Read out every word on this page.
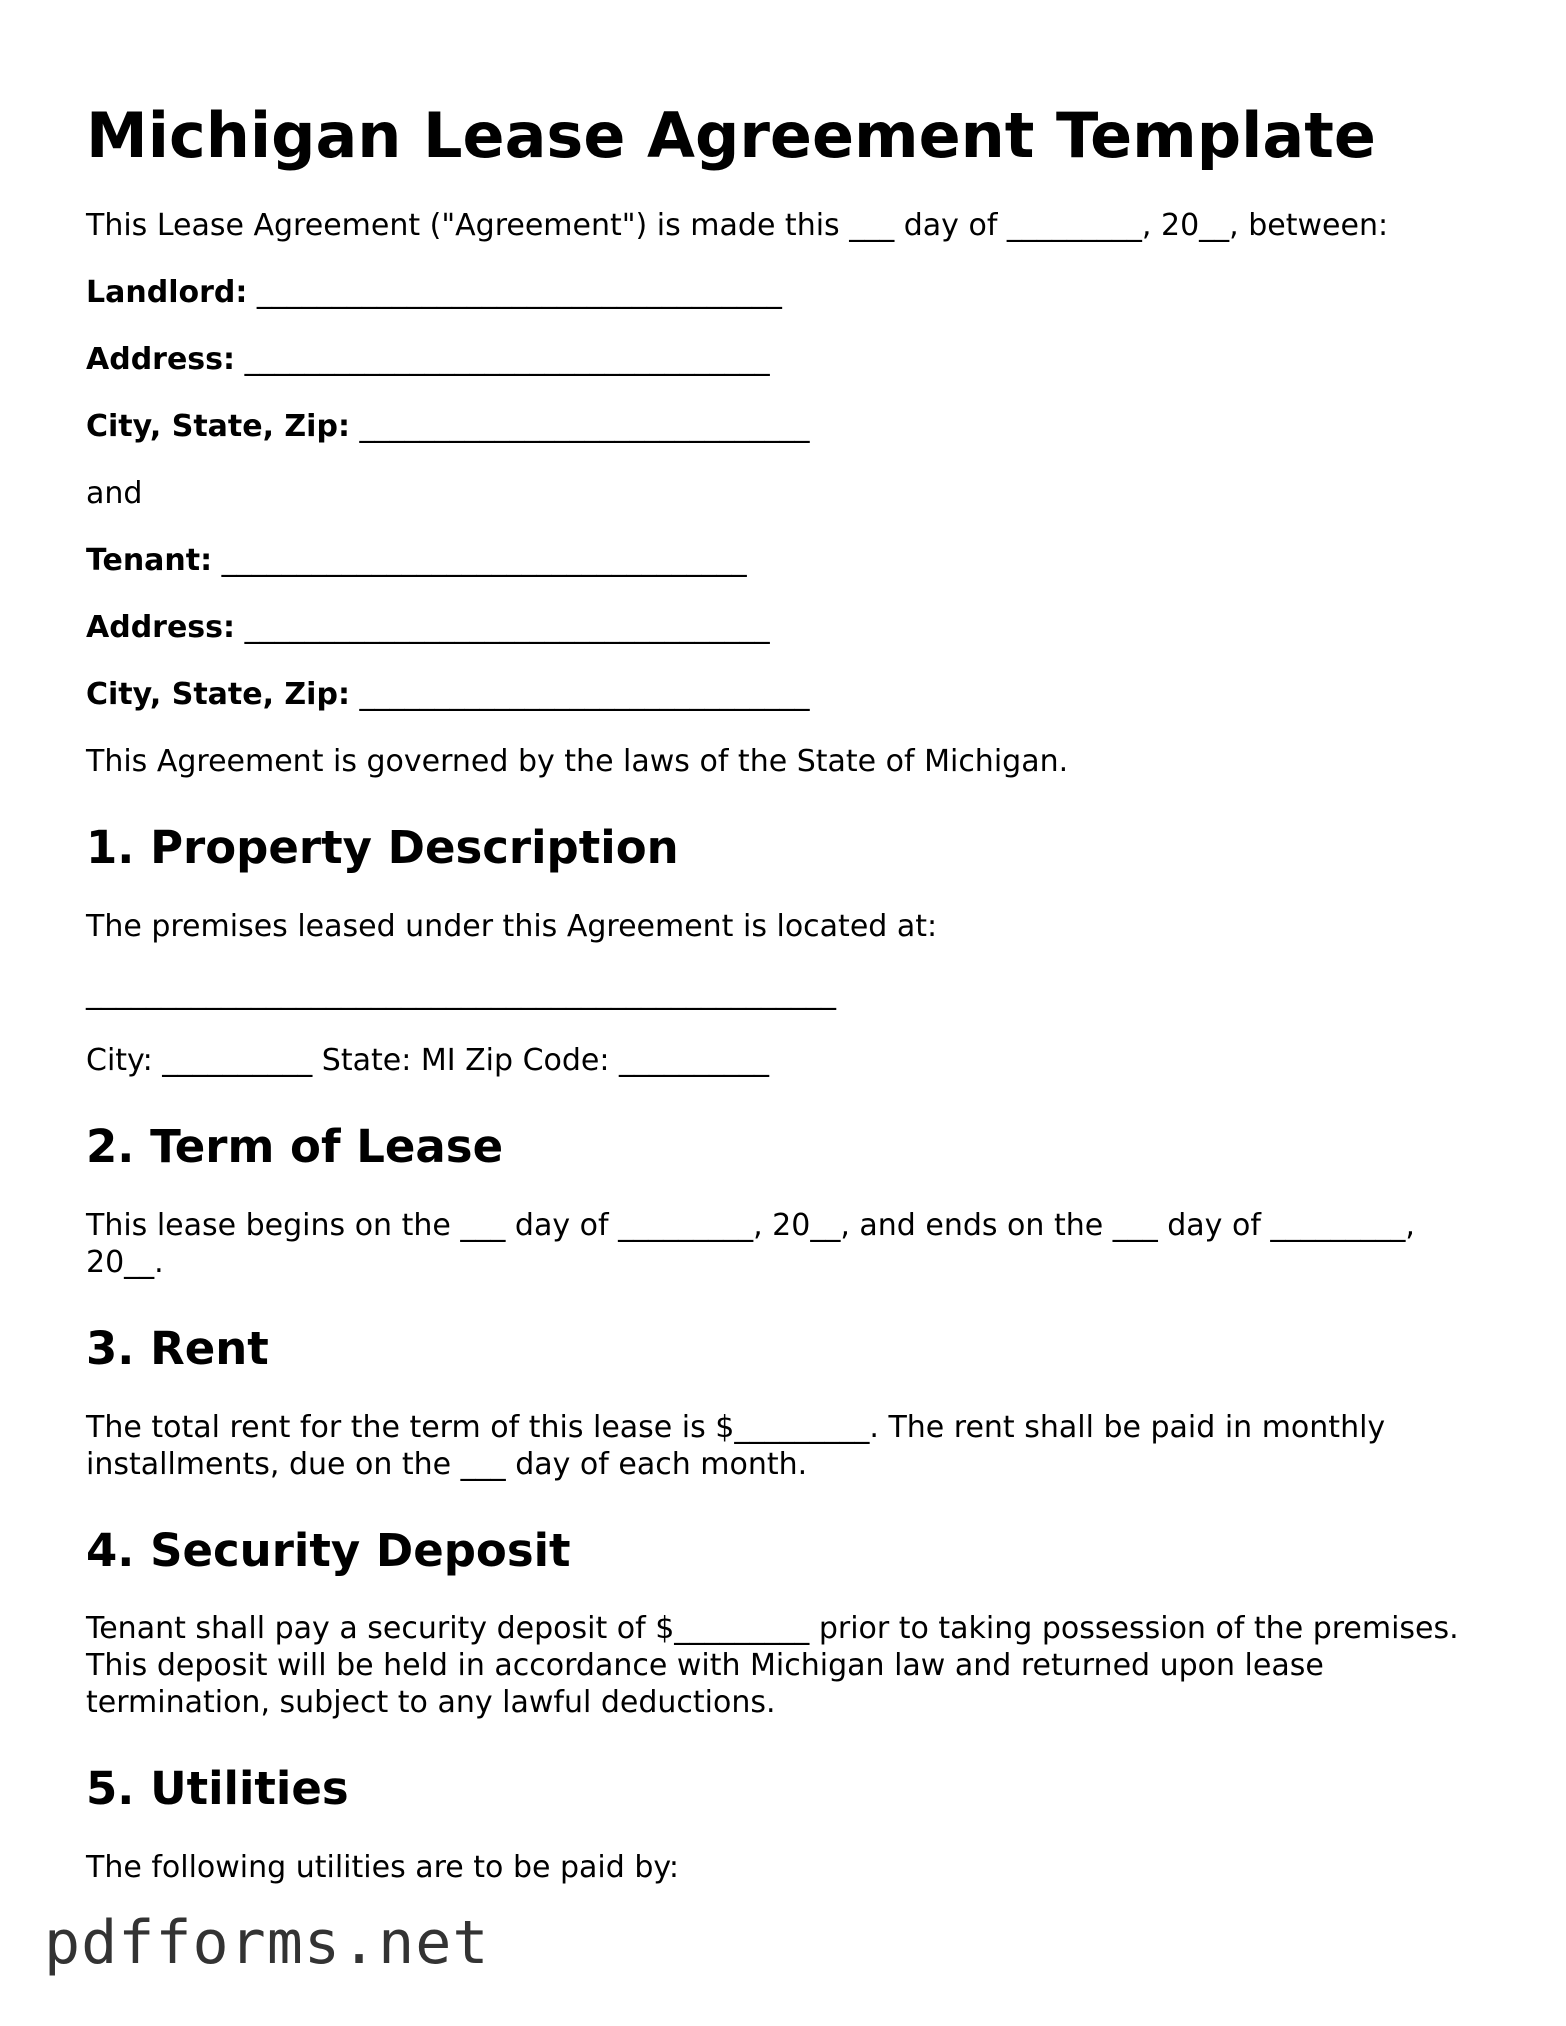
Michigan Lease Agreement Template

This Lease Agreement ("Agreement") is made this ___ day of _________, 20__, between:

Landlord: ___________________________________

Address: ___________________________________

City, State, Zip: ______________________________

and

Tenant: ___________________________________

Address: ___________________________________

City, State, Zip: ______________________________

This Agreement is governed by the laws of the State of Michigan.

1. Property Description

The premises leased under this Agreement is located at:

__________________________________________________

City: __________ State: MI Zip Code: __________

2. Term of Lease

This lease begins on the ___ day of _________, 20__, and ends on the ___ day of _________, 20__.

3. Rent

The total rent for the term of this lease is $_________. The rent shall be paid in monthly installments, due on the ___ day of each month.

4. Security Deposit

Tenant shall pay a security deposit of $_________ prior to taking possession of the premises. This deposit will be held in accordance with Michigan law and returned upon lease termination, subject to any lawful deductions.

5. Utilities

The following utilities are to be paid by:

pdfforms.net
